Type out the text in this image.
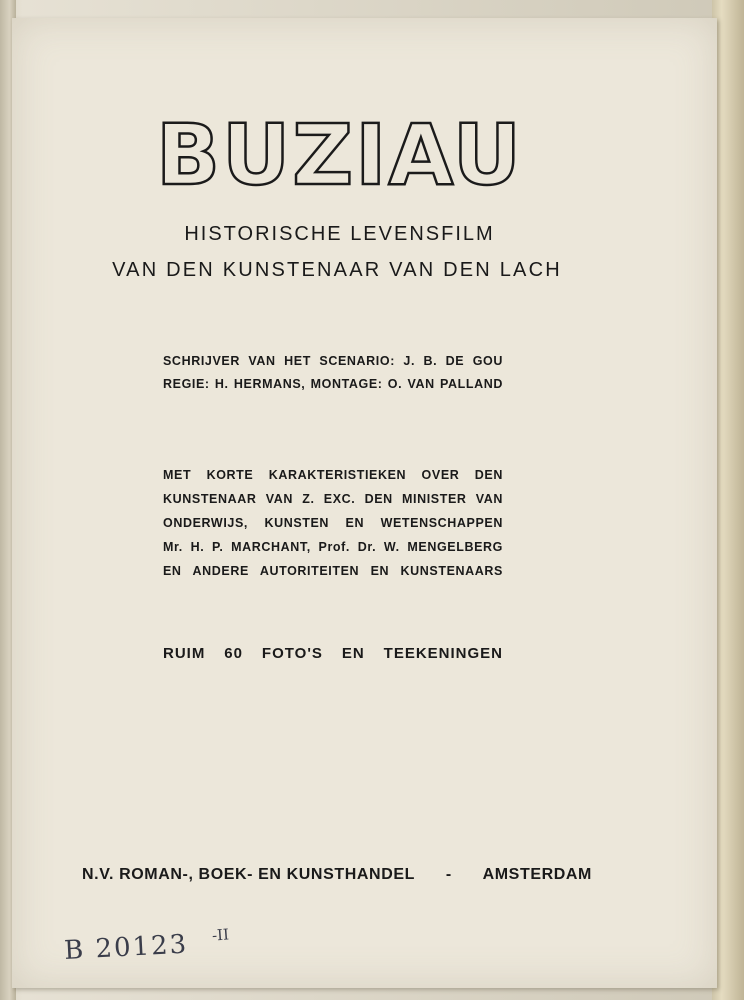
BUZIAU
HISTORISCHE LEVENSFILM
VAN DEN KUNSTENAAR VAN DEN LACH
SCHRIJVER VAN HET SCENARIO: J. B. DE GOU
REGIE: H. HERMANS, MONTAGE: O. VAN PALLAND
MET KORTE KARAKTERISTIEKEN OVER DEN
KUNSTENAAR VAN Z. EXC. DEN MINISTER VAN
ONDERWIJS, KUNSTEN EN WETENSCHAPPEN
Mr. H. P. MARCHANT, Prof. Dr. W. MENGELBERG
EN ANDERE AUTORITEITEN EN KUNSTENAARS
RUIM 60 FOTO'S EN TEEKENINGEN
N.V. ROMAN-, BOEK- EN KUNSTHANDEL - AMSTERDAM
B 20123 -II
